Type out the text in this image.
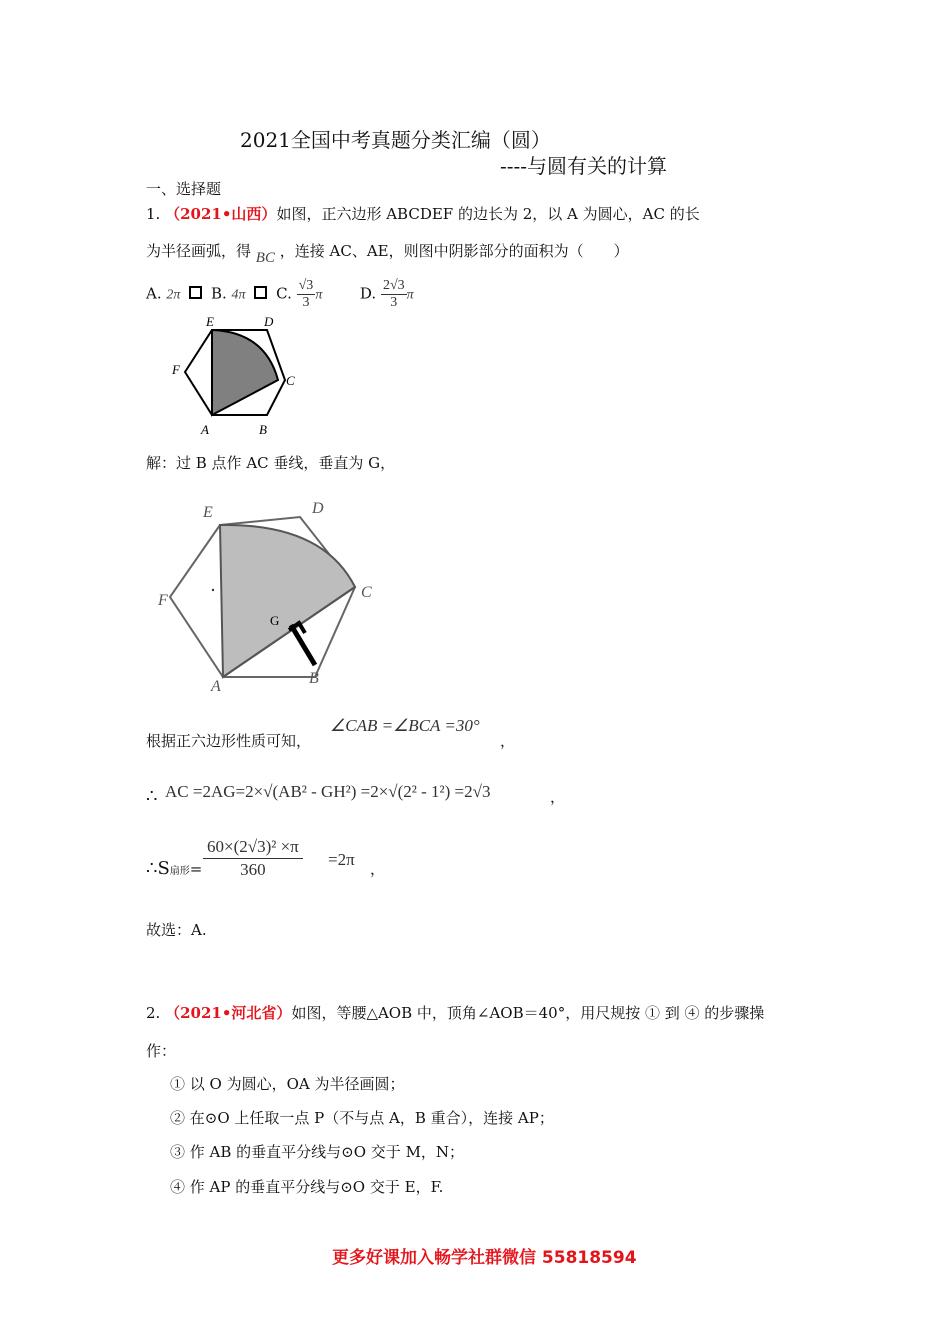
2021全国中考真题分类汇编（圆）
----与圆有关的计算
一、选择题
1. （2021•山西）如图，正六边形 ABCDEF 的边长为 2，以 A 为圆心，AC 的长
为半径画弧，得 BC ，连接 AC、AE，则图中阴影部分的面积为（　　）
A. 2π B. 4π C. $\frac{√3}{3}$ π	D. $\frac{2√3}{3}$ π
E	D
F
C
A	B
解：过 B 点作 AC 垂线，垂直为 G，
E	D
F	C
A	B
G
根据正六边形性质可知，
∠CAB =∠BCA =30°
，
∴ AC =2AG=2×√(AB² - GH²) =2×√(2² - 1²) =2√3	，
∴S扇形= $\frac{\text{60×(2√3)² ×π}}{360} =2\pi$ ，
故选：A.
2. （2021•河北省）如图，等腰△AOB 中，顶角∠AOB＝40°，用尺规按 ① 到 ④ 的步骤操
作：
① 以 O 为圆心，OA 为半径画圆；
② 在⊙O 上任取一点 P（不与点 A，B 重合），连接 AP；
③ 作 AB 的垂直平分线与⊙O 交于 M，N；
④ 作 AP 的垂直平分线与⊙O 交于 E，F.
更多好课加入畅学社群微信 55818594
